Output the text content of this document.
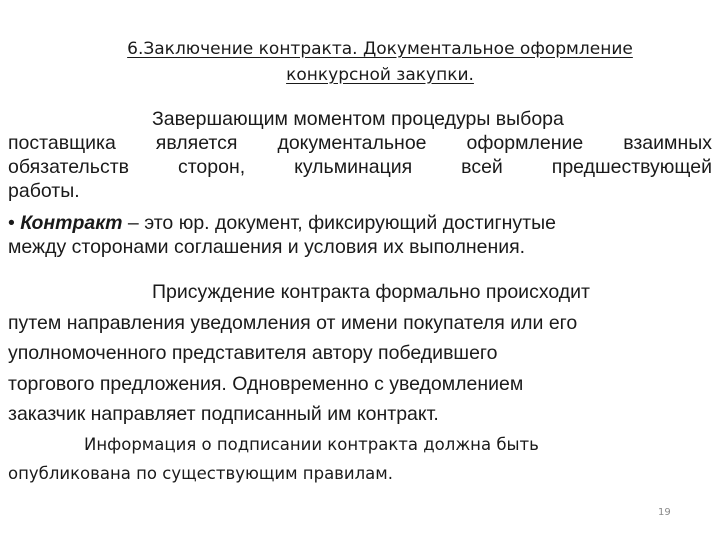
6.Заключение контракта. Документальное оформление
конкурсной закупки.
Завершающим моментом процедуры выбора
поставщика является документальное оформление взаимных
обязательств сторон, кульминация всей предшествующей
работы.
• Контракт – это юр. документ, фиксирующий достигнутые
между сторонами соглашения и условия их выполнения.
Присуждение контракта формально происходит
путем направления уведомления от имени покупателя или его
уполномоченного представителя автору победившего
торгового предложения. Одновременно с уведомлением
заказчик направляет подписанный им контракт.
Информация о подписании контракта должна быть
опубликована по существующим правилам.
19
